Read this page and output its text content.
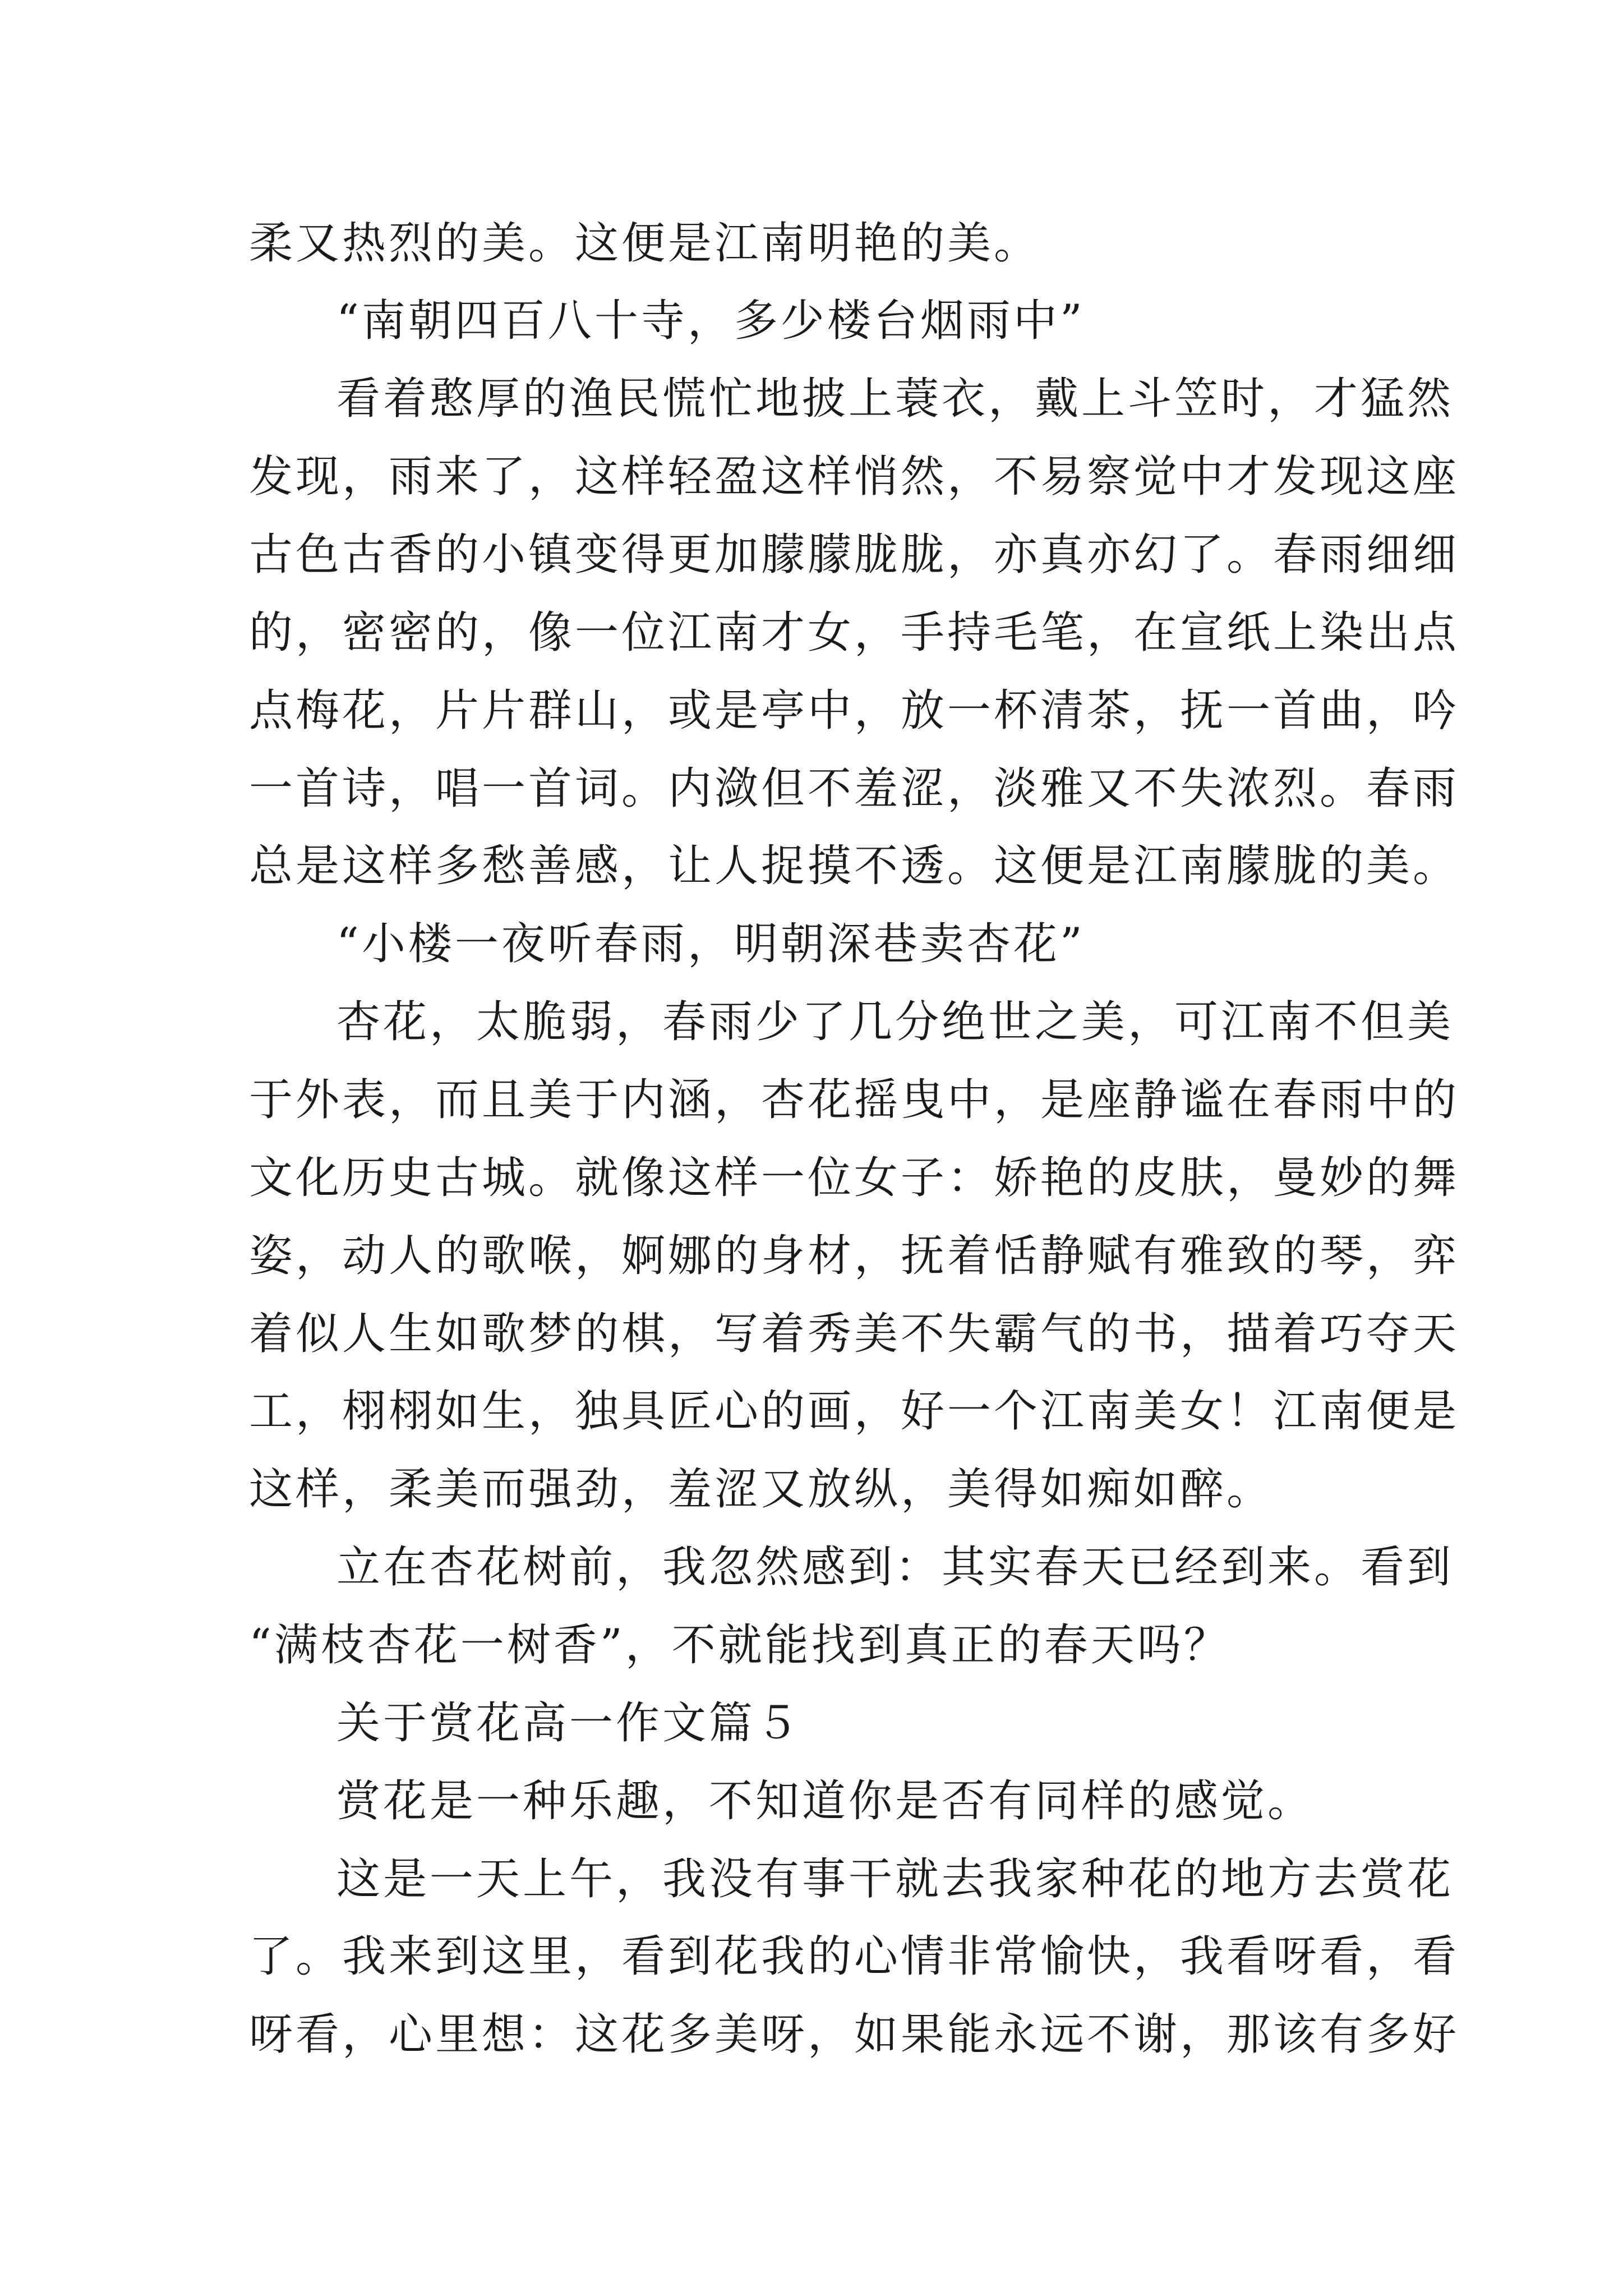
柔又热烈的美。这便是江南明艳的美。
“南朝四百八十寺，多少楼台烟雨中”
看着憨厚的渔民慌忙地披上蓑衣，戴上斗笠时，才猛然
发现，雨来了，这样轻盈这样悄然，不易察觉中才发现这座
古色古香的小镇变得更加朦朦胧胧，亦真亦幻了。春雨细细
的，密密的，像一位江南才女，手持毛笔，在宣纸上染出点
点梅花，片片群山，或是亭中，放一杯清茶，抚一首曲，吟
一首诗，唱一首词。内潋但不羞涩，淡雅又不失浓烈。春雨
总是这样多愁善感，让人捉摸不透。这便是江南朦胧的美。
“小楼一夜听春雨，明朝深巷卖杏花”
杏花，太脆弱，春雨少了几分绝世之美，可江南不但美
于外表，而且美于内涵，杏花摇曳中，是座静谧在春雨中的
文化历史古城。就像这样一位女子：娇艳的皮肤，曼妙的舞
姿，动人的歌喉，婀娜的身材，抚着恬静赋有雅致的琴，弈
着似人生如歌梦的棋，写着秀美不失霸气的书，描着巧夺天
工，栩栩如生，独具匠心的画，好一个江南美女！江南便是
这样，柔美而强劲，羞涩又放纵，美得如痴如醉。
立在杏花树前，我忽然感到：其实春天已经到来。看到
“满枝杏花一树香”，不就能找到真正的春天吗？
关于赏花高一作文篇５
赏花是一种乐趣，不知道你是否有同样的感觉。
这是一天上午，我没有事干就去我家种花的地方去赏花
了。我来到这里，看到花我的心情非常愉快，我看呀看，看
呀看，心里想：这花多美呀，如果能永远不谢，那该有多好
